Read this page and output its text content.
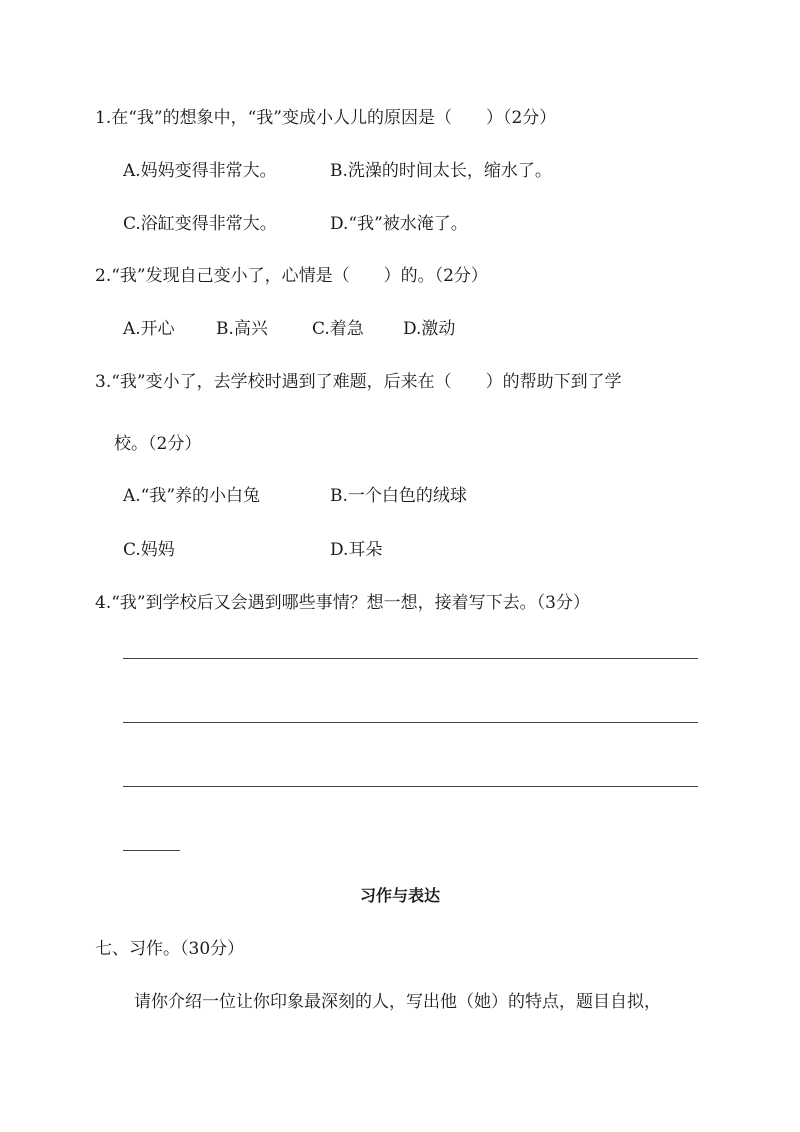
1.在“我”的想象中，“我”变成小人儿的原因是（　　）（2分）
A.妈妈变得非常大。	B.洗澡的时间太长，缩水了。
C.浴缸变得非常大。	D.“我”被水淹了。
2.“我”发现自己变小了，心情是（　　）的。（2分）
A.开心 B.高兴	C.着急 D.激动
3.“我”变小了，去学校时遇到了难题，后来在（　　）的帮助下到了学
校。（2分）
A.“我”养的小白兔	B.一个白色的绒球
C.妈妈	D.耳朵
4.“我”到学校后又会遇到哪些事情？想一想，接着写下去。（3分）
习作与表达
七、习作。（30分）
请你介绍一位让你印象最深刻的人，写出他（她）的特点，题目自拟，
